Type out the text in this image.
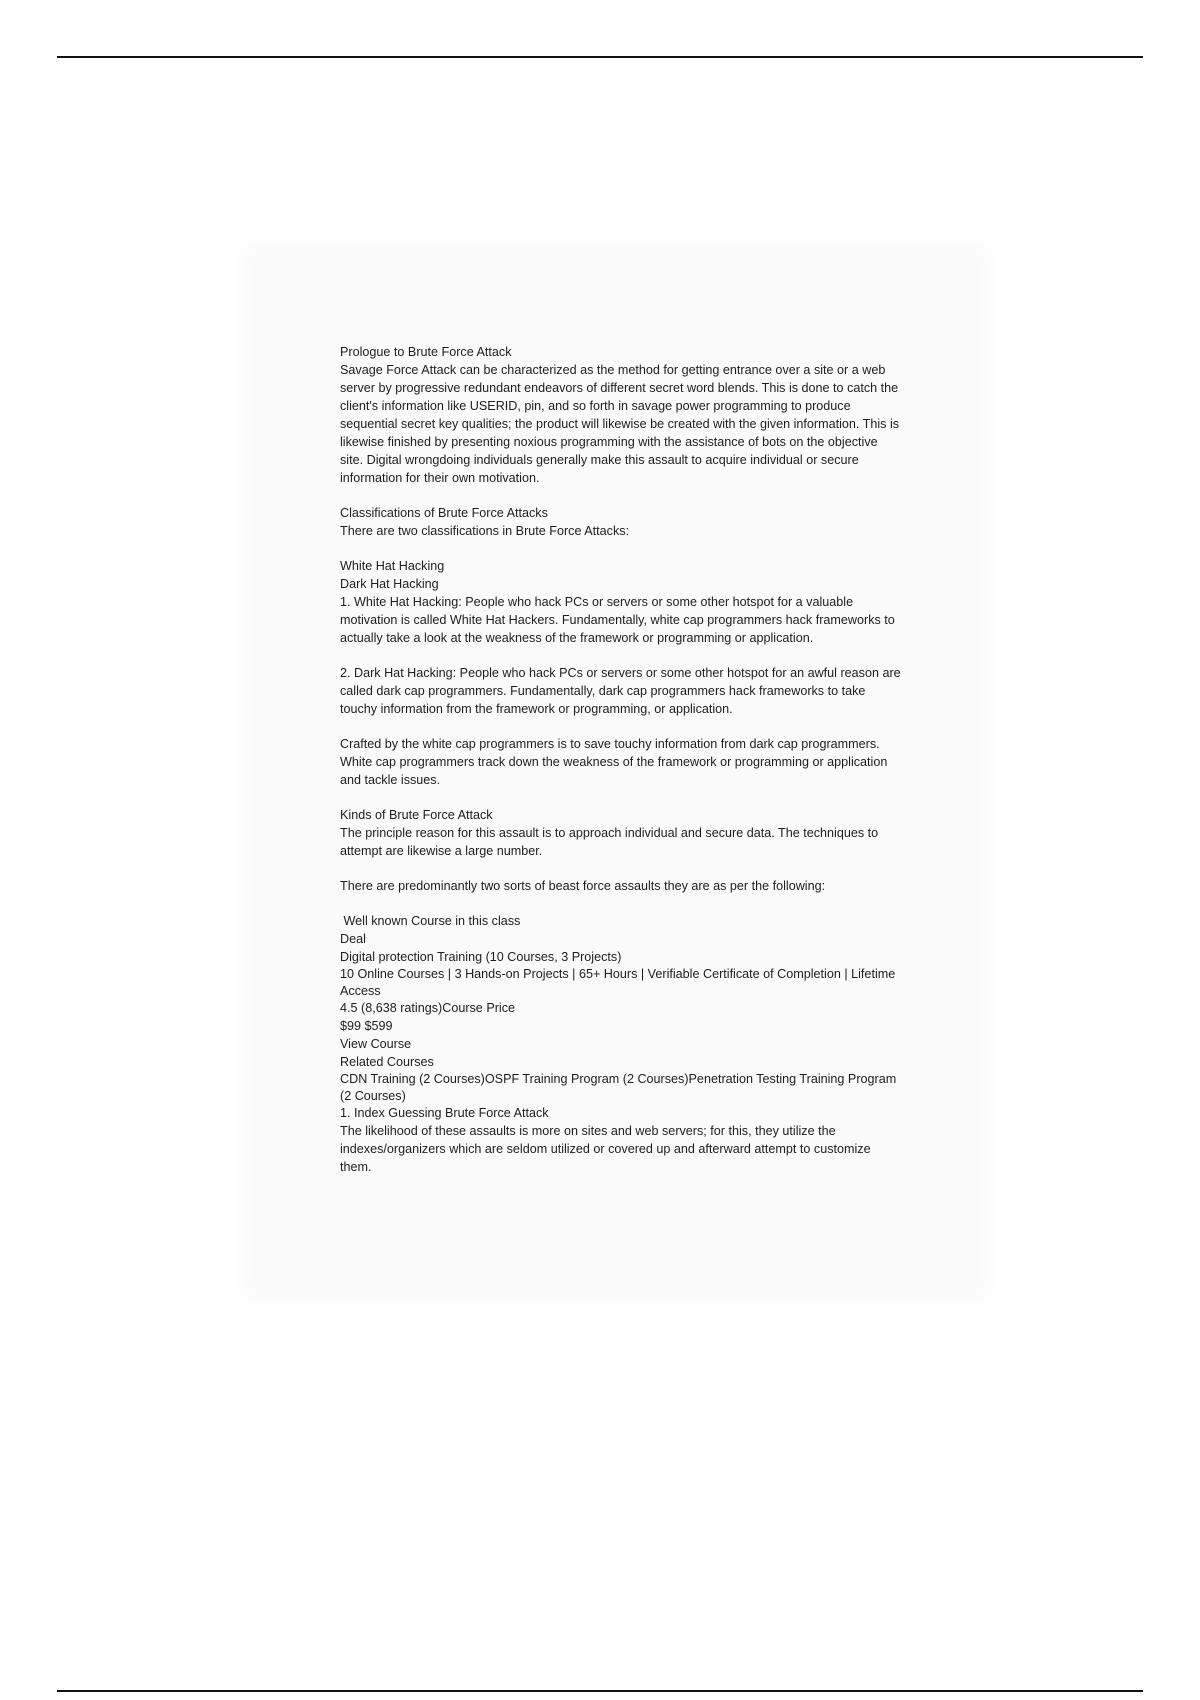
Prologue to Brute Force Attack

Savage Force Attack can be characterized as the method for getting entrance over a site or a web server by progressive redundant endeavors of different secret word blends. This is done to catch the client's information like USERID, pin, and so forth in savage power programming to produce sequential secret key qualities; the product will likewise be created with the given information. This is likewise finished by presenting noxious programming with the assistance of bots on the objective site. Digital wrongdoing individuals generally make this assault to acquire individual or secure information for their own motivation.

Classifications of Brute Force Attacks

There are two classifications in Brute Force Attacks:

White Hat Hacking

Dark Hat Hacking

1. White Hat Hacking: People who hack PCs or servers or some other hotspot for a valuable motivation is called White Hat Hackers. Fundamentally, white cap programmers hack frameworks to actually take a look at the weakness of the framework or programming or application.

2. Dark Hat Hacking: People who hack PCs or servers or some other hotspot for an awful reason are called dark cap programmers. Fundamentally, dark cap programmers hack frameworks to take touchy information from the framework or programming, or application.

Crafted by the white cap programmers is to save touchy information from dark cap programmers. White cap programmers track down the weakness of the framework or programming or application and tackle issues.

Kinds of Brute Force Attack

The principle reason for this assault is to approach individual and secure data. The techniques to attempt are likewise a large number.

There are predominantly two sorts of beast force assaults they are as per the following:

Well known Course in this class

Deal

Digital protection Training (10 Courses, 3 Projects)

10 Online Courses | 3 Hands-on Projects | 65+ Hours | Verifiable Certificate of Completion | Lifetime Access

4.5 (8,638 ratings)Course Price

$99 $599

View Course

Related Courses

CDN Training (2 Courses)OSPF Training Program (2 Courses)Penetration Testing Training Program (2 Courses)

1. Index Guessing Brute Force Attack

The likelihood of these assaults is more on sites and web servers; for this, they utilize the indexes/organizers which are seldom utilized or covered up and afterward attempt to customize them.
